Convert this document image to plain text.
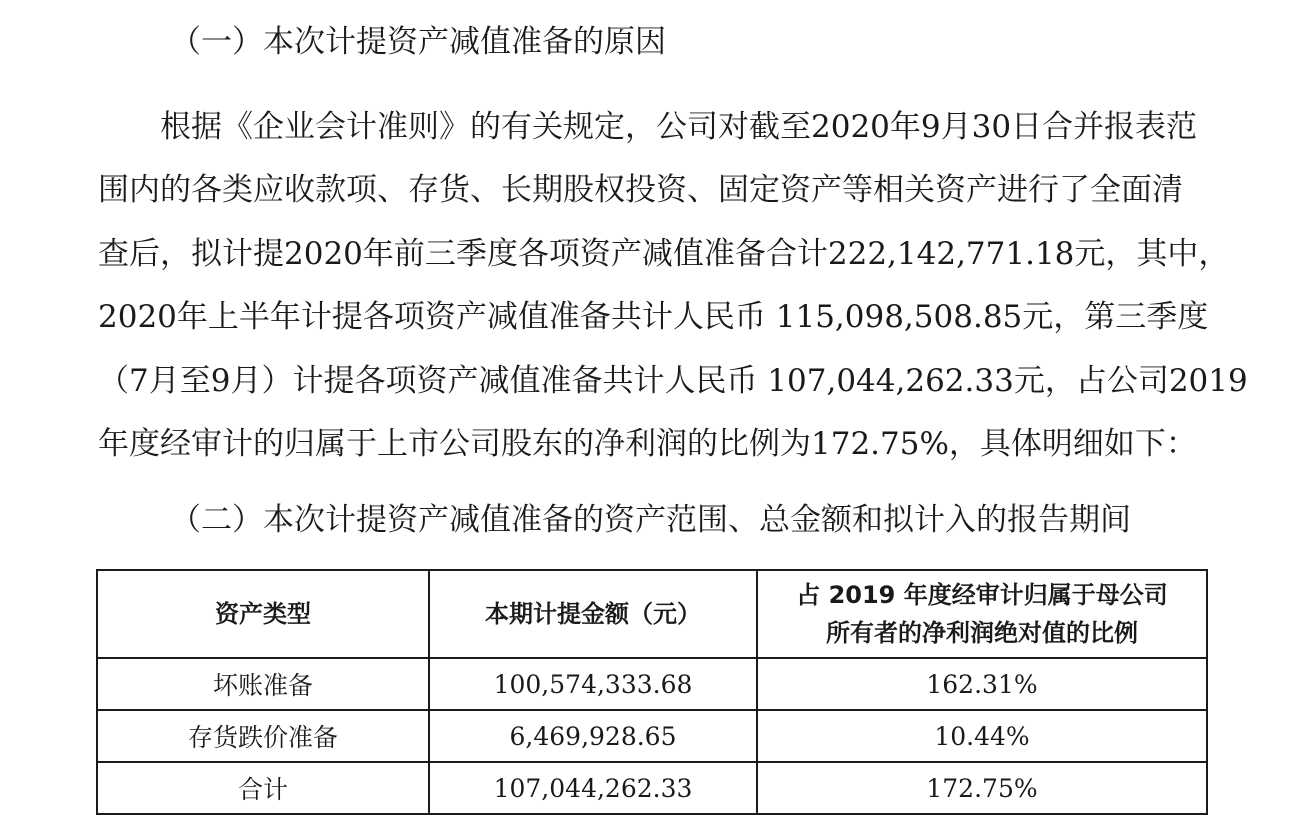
（一）本次计提资产减值准备的原因
根据《企业会计准则》的有关规定，公司对截至2020年9月30日合并报表范
围内的各类应收款项、存货、长期股权投资、固定资产等相关资产进行了全面清
查后，拟计提2020年前三季度各项资产减值准备合计222,142,771.18元，其中，
2020年上半年计提各项资产减值准备共计人民币 115,098,508.85元，第三季度
（7月至9月）计提各项资产减值准备共计人民币 107,044,262.33元，占公司2019
年度经审计的归属于上市公司股东的净利润的比例为172.75%，具体明细如下：
（二）本次计提资产减值准备的资产范围、总金额和拟计入的报告期间
资产类型	本期计提金额（元）	占 2019 年度经审计归属于母公司
所有者的净利润绝对值的比例

坏账准备	100,574,333.68	162.31%
存货跌价准备	6,469,928.65	10.44%
合计	107,044,262.33	172.75%
